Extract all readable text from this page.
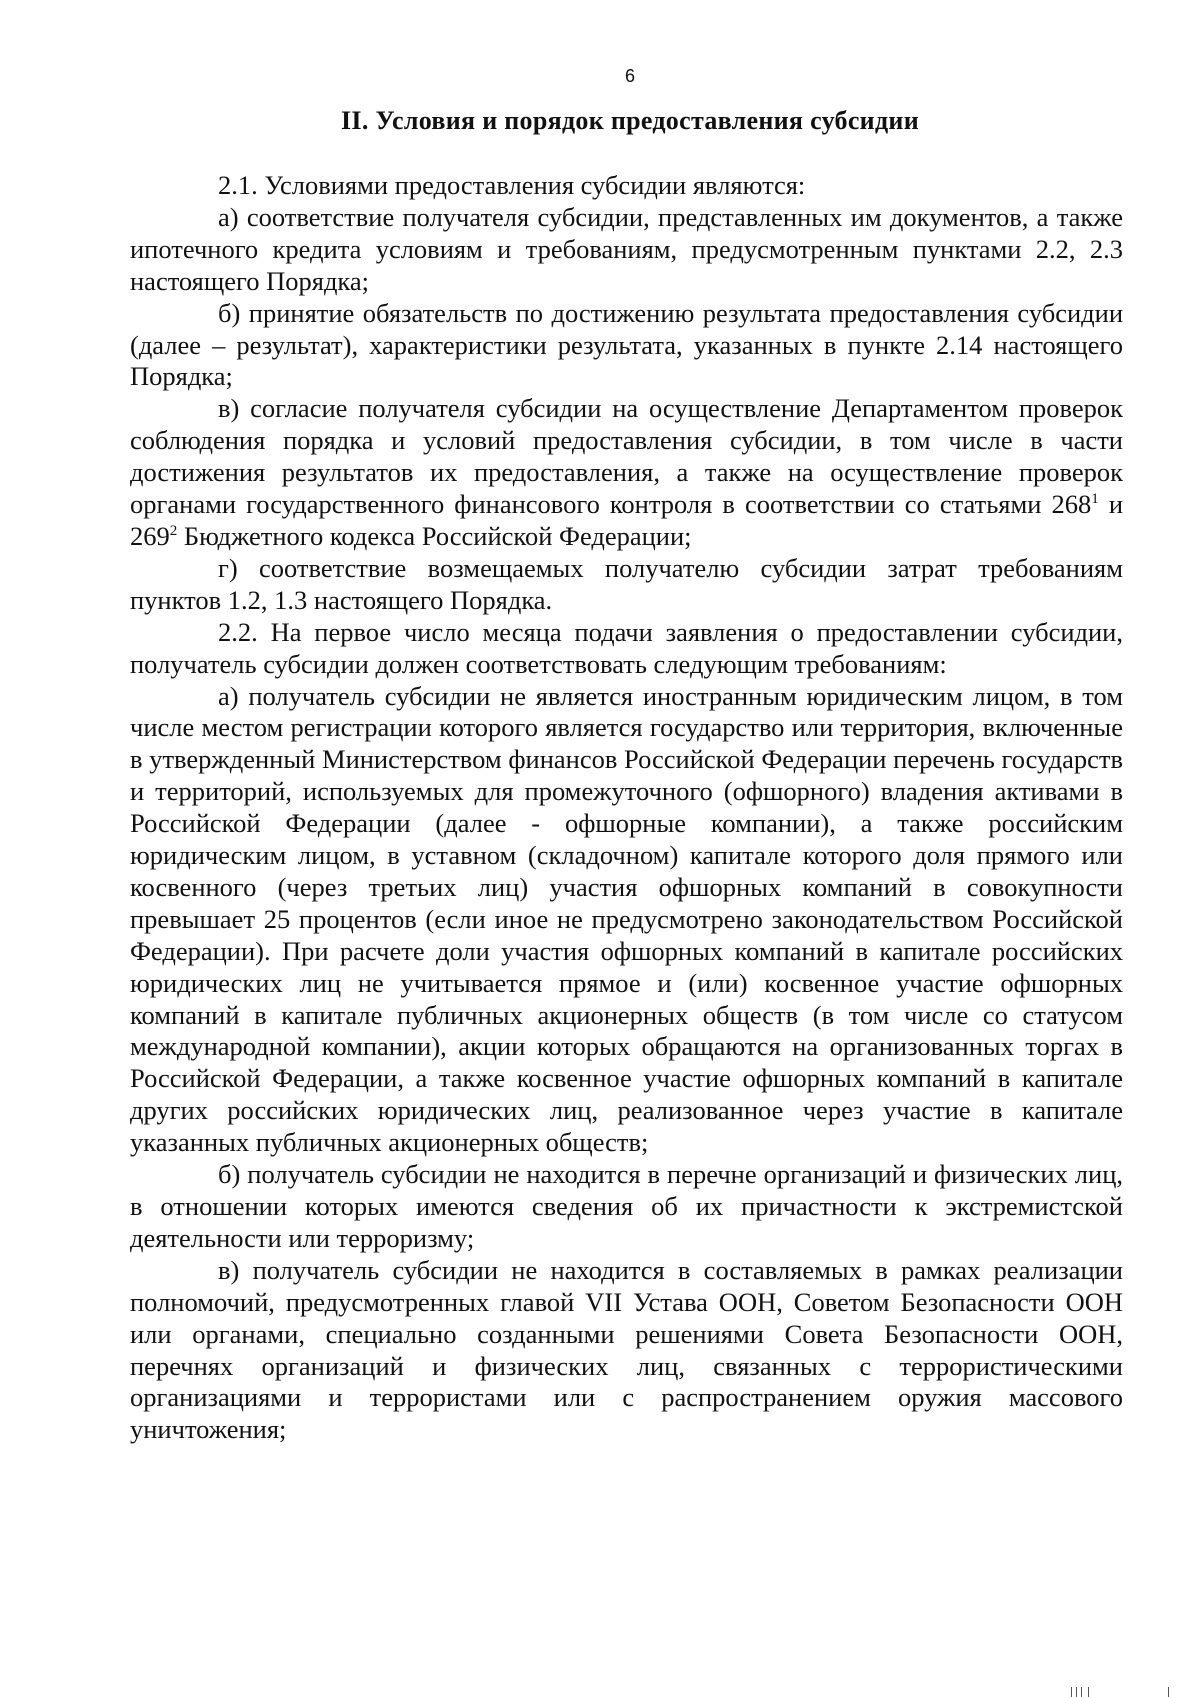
6
II. Условия и порядок предоставления субсидии

2.1. Условиями предоставления субсидии являются:

а) соответствие получателя субсидии, представленных им документов, а также ипотечного кредита условиям и требованиям, предусмотренным пунктами 2.2, 2.3 настоящего Порядка;

б) принятие обязательств по достижению результата предоставления субсидии (далее – результат), характеристики результата, указанных в пункте 2.14 настоящего Порядка;

в) согласие получателя субсидии на осуществление Департаментом проверок соблюдения порядка и условий предоставления субсидии, в том числе в части достижения результатов их предоставления, а также на осуществление проверок органами государственного финансового контроля в соответствии со статьями $268^1$ и $269^2$ Бюджетного кодекса Российской Федерации;

г) соответствие возмещаемых получателю субсидии затрат требованиям пунктов 1.2, 1.3 настоящего Порядка.

2.2. На первое число месяца подачи заявления о предоставлении субсидии, получатель субсидии должен соответствовать следующим требованиям:

а) получатель субсидии не является иностранным юридическим лицом, в том числе местом регистрации которого является государство или территория, включенные в утвержденный Министерством финансов Российской Федерации перечень государств и территорий, используемых для промежуточного (офшорного) владения активами в Российской Федерации (далее - офшорные компании), а также российским юридическим лицом, в уставном (складочном) капитале которого доля прямого или косвенного (через третьих лиц) участия офшорных компаний в совокупности превышает 25 процентов (если иное не предусмотрено законодательством Российской Федерации). При расчете доли участия офшорных компаний в капитале российских юридических лиц не учитывается прямое и (или) косвенное участие офшорных компаний в капитале публичных акционерных обществ (в том числе со статусом международной компании), акции которых обращаются на организованных торгах в Российской Федерации, а также косвенное участие офшорных компаний в капитале других российских юридических лиц, реализованное через участие в капитале указанных публичных акционерных обществ;

б) получатель субсидии не находится в перечне организаций и физических лиц, в отношении которых имеются сведения об их причастности к экстремистской деятельности или терроризму;

в) получатель субсидии не находится в составляемых в рамках реализации полномочий, предусмотренных главой VII Устава ООН, Советом Безопасности ООН или органами, специально созданными решениями Совета Безопасности ООН, перечнях организаций и физических лиц, связанных с террористическими организациями и террористами или с распространением оружия массового уничтожения;
